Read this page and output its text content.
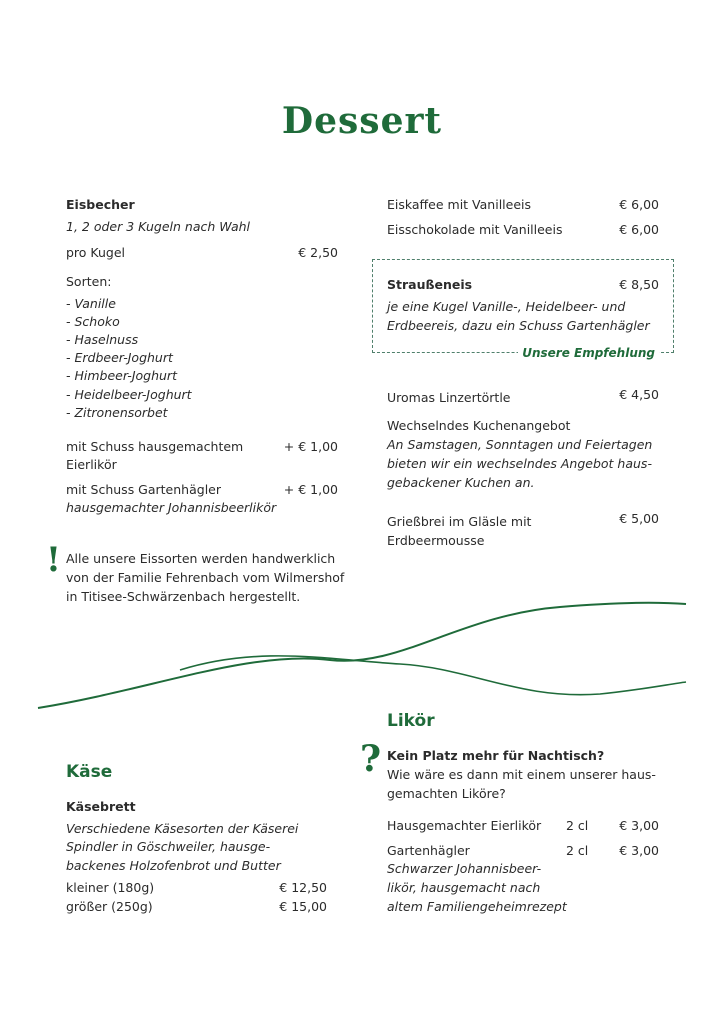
Dessert
Eisbecher
1, 2 oder 3 Kugeln nach Wahl
pro Kugel	€ 2,50
Sorten:
- Vanille
- Schoko
- Haselnuss
- Erdbeer-Joghurt
- Himbeer-Joghurt
- Heidelbeer-Joghurt
- Zitronensorbet
mit Schuss hausgemachtem
Eierlikör
+ € 1,00
mit Schuss Gartenhägler
hausgemachter Johannisbeerlikör
+ € 1,00
! Alle unsere Eissorten werden handwerklich
von der Familie Fehrenbach vom Wilmershof
in Titisee-Schwärzenbach hergestellt.
Eiskaffee mit Vanilleeis	€ 6,00
Eisschokolade mit Vanilleeis	€ 6,00
Unsere Empfehlung
Straußeneis	€ 8,50
je eine Kugel Vanille-, Heidelbeer- und
Erdbeereis, dazu ein Schuss Gartenhägler
Uromas Linzertörtle	€ 4,50
Wechselndes Kuchenangebot
An Samstagen, Sonntagen und Feiertagen
bieten wir ein wechselndes Angebot haus-
gebackener Kuchen an.
Grießbrei im Gläsle mit
Erdbeermousse
€ 5,00
Käse
Käsebrett
Verschiedene Käsesorten der Käserei
Spindler in Göschweiler, hausge-
backenes Holzofenbrot und Butter
kleiner (180g)	€ 12,50
größer (250g)	€ 15,00
Likör
? Kein Platz mehr für Nachtisch?
Wie wäre es dann mit einem unserer haus-
gemachten Liköre?
Hausgemachter Eierlikör 2 cl € 3,00
Gartenhägler	2 cl € 3,00
Schwarzer Johannisbeer-
likör, hausgemacht nach
altem Familiengeheimrezept
